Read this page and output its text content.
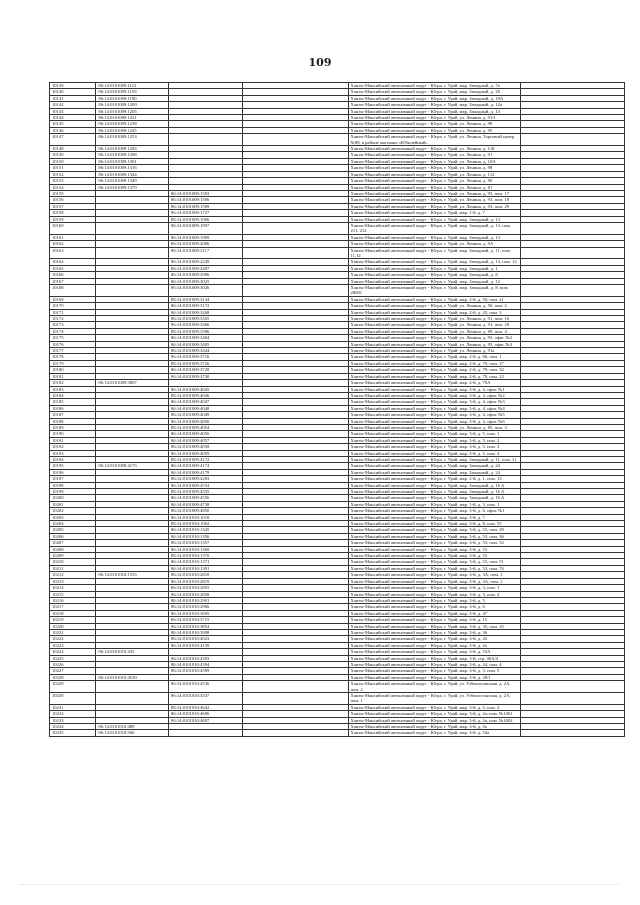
109
10139	86:14:0101009:1112			Ханты-Мансийский автономный округ - Югра, г. Урай, мкр. Западный, д. 7а	
10140	86:14:0101009:1159			Ханты-Мансийский автономный округ - Югра, г. Урай, мкр. Западный, д. 20	
10141	86:14:0101009:1190			Ханты-Мансийский автономный округ - Югра, г. Урай, мкр. Западный, д. 19А	
10142	86:14:0101009:1200			Ханты-Мансийский автономный округ - Югра, г. Урай, мкр. Западный, д. 12а	
10143	86:14:0101009:1205			Ханты-Мансийский автономный округ - Югра, г. Урай, мкр. Западный, д. 14	
10144	86:14:0101009:1221			Ханты-Мансийский автономный округ - Югра, г. Урай, ул. Ленина, д. 91/1	
10145	86:14:0101009:1238			Ханты-Мансийский автономный округ - Югра, г. Урай, ул. Ленина, д. 98	
10146	86:14:0101009:1245			Ханты-Мансийский автономный округ - Югра, г. Урай, ул. Ленина, д. 95	
10147	86:14:0101009:1253			Ханты-Мансийский автономный округ - Югра, г. Урай, ул. Ленина, Торговый центр №88, в районе магазина «Юбилейный»	
10148	86:14:0101009:1283			Ханты-Мансийский автономный округ - Югра, г. Урай, ул. Ленина, д. 118	
10149	86:14:0101009:1288			Ханты-Мансийский автономный округ - Югра, г. Урай, ул. Ленина, д. 91	
10150	86:14:0101009:1301			Ханты-Мансийский автономный округ - Югра, г. Урай, ул. Ленина, д. 10А	
10151	86:14:0101009:1316			Ханты-Мансийский автономный округ - Югра, г. Урай, ул. Ленина, д. 98	
10152	86:14:0101009:1344			Ханты-Мансийский автономный округ - Югра, г. Урай, ул. Ленина, д. 112	
10153	86:14:0101009:1349			Ханты-Мансийский автономный округ - Югра, г. Урай, ул. Ленина, д. 90	
10154	86:14:0101009:1379			Ханты-Мансийский автономный округ - Югра, г. Урай, ул. Ленина, д. 81	
10155		86:14:0101009:1503		Ханты-Мансийский автономный округ - Югра, г. Урай, ул. Ленина, д. 93, пом. 17	
10156		86:14:0101009:1506		Ханты-Мансийский автономный округ - Югра, г. Урай, ул. Ленина, д. 93, пом. 18	
10157		86:14:0101009:1509		Ханты-Мансийский автономный округ - Югра, г. Урай, ул. Ленина, д. 93, пом. 29	
10158		86:14:0101009:1727		Ханты-Мансийский автономный округ - Югра, г. Урай, мкр. 1-й, д. 7	
10159		86:14:0101009:1906		Ханты-Мансийский автономный округ - Югра, г. Урай, мкр. Западный, д. 13	
10160		86:14:0101009:1907		Ханты-Мансийский автономный округ - Югра, г. Урай, мкр. Западный, д. 13, пом. 211, 212	
10161		86:14:0101009:1909		Ханты-Мансийский автономный округ - Югра, г. Урай, мкр. Западный, д. 13	
10162		86:14:0101009:2006		Ханты-Мансийский автономный округ - Югра, г. Урай, ул. Ленина, д. 9А	
10163		86:14:0101009:2117		Ханты-Мансийский автономный округ - Югра, г. Урай, мкр. Западный, д. 11, пом. 11,12	
10164		86:14:0101009:2249		Ханты-Мансийский автономный округ - Югра, г. Урай, мкр. Западный, д. 13, пом. 12	
10165		86:14:0101009:2497		Ханты-Мансийский автономный округ - Югра, г. Урай, мкр. Западный, д. 1	
10166		86:14:0101009:2996		Ханты-Мансийский автономный округ - Югра, г. Урай, мкр. Западный, д. 8	
10167		86:14:0101009:3025		Ханты-Мансийский автономный округ - Югра, г. Урай, мкр. Западный, д. 12	
10168		86:14:0101009:3026		Ханты-Мансийский автономный округ - Югра, г. Урай, мкр. Западный, д. 8, пом. 20001	
10169		86:14:0101009:3134		Ханты-Мансийский автономный округ - Югра, г. Урай, мкр. 2-й, д. 50, пом. 21	
10170		86:14:0101009:3172		Ханты-Мансийский автономный округ - Югра, г. Урай, ул. Ленина, д. 50, пом. 2	
10171		86:14:0101009:3268		Ханты-Мансийский автономный округ - Югра, г. Урай, мкр. 2-й, д. 43, пом. 3	
10172		86:14:0101009:3355		Ханты-Мансийский автономный округ - Югра, г. Урай, ул. Ленина, д. 91, пом. 16	
10173		86:14:0101009:3366		Ханты-Мансийский автономный округ - Югра, г. Урай, ул. Ленина, д. 91, пом. 29	
10174		86:14:0101009:3396		Ханты-Мансийский автономный округ - Югра, г. Урай, ул. Ленина, д. 89, пом. 4	
10175		86:14:0101009:3404		Ханты-Мансийский автономный округ - Югра, г. Урай, ул. Ленина, д. 93, офис №2	
10176		86:14:0101009:3405		Ханты-Мансийский автономный округ - Югра, г. Урай, ул. Ленина, д. 93, офис №3	
10177		86:14:0101009:3444		Ханты-Мансийский автономный округ - Югра, г. Урай, ул. Ленина, д. 91а	
10178		86:14:0101009:3716		Ханты-Мансийский автономный округ - Югра, г. Урай, мкр. 2-й, д. 66, пом. 1	
10179		86:14:0101009:3726		Ханты-Мансийский автономный округ - Югра, г. Урай, мкр. 2-й, д. 79, пом. 27	
10180		86:14:0101009:3728		Ханты-Мансийский автономный округ - Югра, г. Урай, мкр. 2-й, д. 79, пом. 32	
10181		86:14:0101009:3730		Ханты-Мансийский автономный округ - Югра, г. Урай, мкр. 2-й, д. 79, пом. 22	
10182	86:14:0101009:3807			Ханты-Мансийский автономный округ - Югра, г. Урай, мкр. 2-й, д. 70А	
10183		86:14:0101009:4045		Ханты-Мансийский автономный округ - Югра, г. Урай, мкр. 3-й, д. 4, офис №1	
10184		86:14:0101009:4046		Ханты-Мансийский автономный округ - Югра, г. Урай, мкр. 3-й, д. 4, офис №2	
10185		86:14:0101009:4047		Ханты-Мансийский автономный округ - Югра, г. Урай, мкр. 3-й, д. 4, офис №3	
10186		86:14:0101009:4048		Ханты-Мансийский автономный округ - Югра, г. Урай, мкр. 3-й, д. 4, офис №4	
10187		86:14:0101009:4049		Ханты-Мансийский автономный округ - Югра, г. Урай, мкр. 3-й, д. 4, офис №5	
10188		86:14:0101009:4050		Ханты-Мансийский автономный округ - Югра, г. Урай, мкр. 3-й, д. 4, офис №6	
10189		86:14:0101009:4054		Ханты-Мансийский автономный округ - Югра, г. Урай, ул. Ленина, д. 85, пом. 3	
10190		86:14:0101009:4056		Ханты-Мансийский автономный округ - Югра, г. Урай, мкр. 3-й, д. 5, пом. 1	
10191		86:14:0101009:4057		Ханты-Мансийский автономный округ - Югра, г. Урай, мкр. 3-й, д. 5, пом. 2	
10192		86:14:0101009:4058		Ханты-Мансийский автономный округ - Югра, г. Урай, мкр. 3-й, д. 5, пом. 3	
10193		86:14:0101009:4059		Ханты-Мансийский автономный округ - Югра, г. Урай, мкр. 3-й, д. 5, пом. 4	
10194		86:14:0101009:4172		Ханты-Мансийский автономный округ - Югра, г. Урай, мкр. Западный, д. 11, пом. 11	
10195	86:14:0101009:4173	86:14:0101009:4174		Ханты-Мансийский автономный округ - Югра, г. Урай, мкр. Западный, д. 24	
10196		86:14:0101009:4179		Ханты-Мансийский автономный округ - Югра, г. Урай, мкр. Западный, д. 24	
10197		86:14:0101009:4283		Ханты-Мансийский автономный округ - Югра, г. Урай, мкр. 2-й, д. 1, пом. 13	
10198		86:14:0101009:4554		Ханты-Мансийский автономный округ - Югра, г. Урай, мкр. Западный, д. 16 А	
10199		86:14:0101009:4555		Ханты-Мансийский автономный округ - Югра, г. Урай, мкр. Западный, д. 16 А	
10200		86:14:0101009:4556		Ханты-Мансийский автономный округ - Югра, г. Урай, мкр. Западный, д. 16 А	
10201		86:14:0101009:4738		Ханты-Мансийский автономный округ - Югра, г. Урай, мкр. 1-й, д. 3, пом. 1	
10202		86:14:0101009:4850		Ханты-Мансийский автономный округ - Югра, г. Урай, мкр. 3-й, д. 6, офис №1	
10203		86:14:0101010:1018		Ханты-Мансийский автономный округ - Югра, г. Урай, мкр. 3-й, д. 7	
10204		86:14:0101010:1062		Ханты-Мансийский автономный округ - Югра, г. Урай, мкр. 3-й, д. 8, пом. 55	
10205		86:14:0101010:1345		Ханты-Мансийский автономный округ - Югра, г. Урай, мкр. 3-й, д. 53, пом. 29	
10206		86:14:0101010:1356		Ханты-Мансийский автономный округ - Югра, г. Урай, мкр. 3-й, д. 53, пом. 36	
10207		86:14:0101010:1357		Ханты-Мансийский автономный округ - Югра, г. Урай, мкр. 3-й, д. 53, пом. 52	
10208		86:14:0101010:1369		Ханты-Мансийский автономный округ - Югра, г. Урай, мкр. 3-й, д. 53	
10209		86:14:0101010:1370		Ханты-Мансийский автономный округ - Югра, г. Урай, мкр. 3-й, д. 53	
10210		86:14:0101010:1371		Ханты-Мансийский автономный округ - Югра, г. Урай, мкр. 3-й, д. 53, пом. 51	
10211		86:14:0101010:1391		Ханты-Мансийский автономный округ - Югра, г. Урай, мкр. 3-й, д. 53, пом. 76	
10212	86:14:0101010:1553	86:14:0101010:2818		Ханты-Мансийский автономный округ - Югра, г. Урай, мкр. 3-й, д. 3А, пом. 1	
10213		86:14:0101010:2819		Ханты-Мансийский автономный округ - Югра, г. Урай, мкр. 3-й, д. 3А, пом. 2	
10214		86:14:0101010:2855		Ханты-Мансийский автономный округ - Югра, г. Урай, мкр. 3-й, д. 3, пом. 1	
10215		86:14:0101010:2858		Ханты-Мансийский автономный округ - Югра, г. Урай, мкр. 3-й, д. 3, пом. 2	
10216		86:14:0101010:2901		Ханты-Мансийский автономный округ - Югра, г. Урай, мкр. 3-й, д. 5	
10217		86:14:0101010:2966		Ханты-Мансийский автономный округ - Югра, г. Урай, мкр. 3-й, д. 6	
10218		86:14:0101010:3695		Ханты-Мансийский автономный округ - Югра, г. Урай, мкр. 3-й, д. 47	
10219		86:14:0101010:3715		Ханты-Мансийский автономный округ - Югра, г. Урай, мкр. 3-й, д. 15	
10220		86:14:0101010:3854		Ханты-Мансийский автономный округ - Югра, г. Урай, мкр. 3-й, д. 35, пом. 35	
10221		86:14:0101010:3998		Ханты-Мансийский автономный округ - Югра, г. Урай, мкр. 3-й, д. 36	
10222		86:14:0101010:4023		Ханты-Мансийский автономный округ - Югра, г. Урай, мкр. 3-й, д. 43	
10223		86:14:0101010:4139		Ханты-Мансийский автономный округ - Югра, г. Урай, мкр. 3-й, д. 2а	
10224	86:14:0101010:435			Ханты-Мансийский автономный округ - Югра, г. Урай, мкр. 3-й, д. 53А	
10225		86:14:0101010:4393		Ханты-Мансийский автономный округ - Югра, г. Урай, мкр. 3-й, стр. 40А/4	
10226		86:14:0101010:4394		Ханты-Мансийский автономный округ - Югра, г. Урай, мкр. 3-й, д. 24, пом. 4	
10227		86:14:0101010:4509		Ханты-Мансийский автономный округ - Югра, г. Урай, мкр. 3-й, д. 3, пом. 5	
10228	86:14:0101010:4530			Ханты-Мансийский автономный округ - Югра, г. Урай, мкр. 3-й, д. 28/1	
10229		86:14:0101010:4536		Ханты-Мансийский автономный округ - Югра, г. Урай, ул. Узбекистанская, д. 2А, пом. 2	
10230		86:14:0101010:4537		Ханты-Мансийский автономный округ - Югра, г. Урай, ул. Узбекистанская, д. 2А, пом. 1	
10231		86:14:0101010:4642		Ханты-Мансийский автономный округ - Югра, г. Урай, мкр. 3-й, д. 5, пом. 2	
10232		86:14:0101010:4696		Ханты-Мансийский автономный округ - Югра, г. Урай, мкр. 3-й, д. 2а, пом. №1001	
10233		86:14:0101010:4697		Ханты-Мансийский автономный округ - Югра, г. Урай, мкр. 3-й, д. 2а, пом. №1002	
10234	86:14:0101010:489			Ханты-Мансийский автономный округ - Югра, г. Урай, мкр. 3-й, д. 5а	
10235	86:14:0101010:560			Ханты-Мансийский автономный округ - Югра, г. Урай, мкр. 3-й, д. 54а	
